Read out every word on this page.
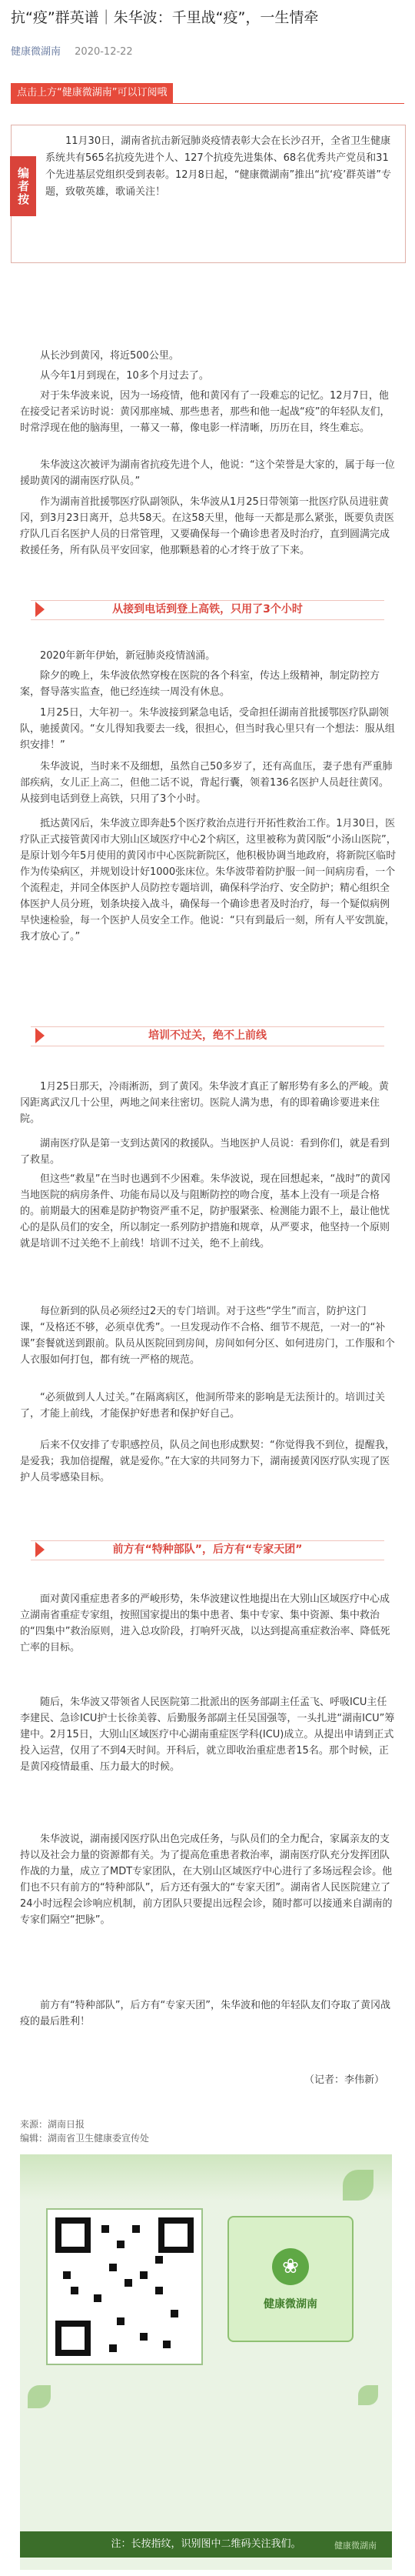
抗“疫”群英谱｜朱华波：千里战“疫”，一生情牵
健康微湖南 2020-12-22
点击上方“健康微湖南”可以订阅哦
编者按
11月30日，湖南省抗击新冠肺炎疫情表彰大会在长沙召开，全省卫生健康系统共有565名抗疫先进个人、127个抗疫先进集体、68名优秀共产党员和31个先进基层党组织受到表彰。12月8日起，“健康微湖南”推出“抗‘疫’群英谱”专题，致敬英雄，歌诵关注！

从长沙到黄冈，将近500公里。

从今年1月到现在，10多个月过去了。

对于朱华波来说，因为一场疫情，他和黄冈有了一段难忘的记忆。12月7日，他在接受记者采访时说：黄冈那座城、那些患者，那些和他一起战“疫”的年轻队友们，时常浮现在他的脑海里，一幕又一幕，像电影一样清晰，历历在目，终生难忘。

朱华波这次被评为湖南省抗疫先进个人，他说：“这个荣誉是大家的，属于每一位援助黄冈的湖南医疗队员。”

作为湖南首批援鄂医疗队副领队，朱华波从1月25日带领第一批医疗队员进驻黄冈，到3月23日离开，总共58天。在这58天里，他每一天都是那么紧张，既要负责医疗队几百名医护人员的日常管理，又要确保每一个确诊患者及时治疗，直到圆满完成救援任务，所有队员平安回家，他那颗悬着的心才终于放了下来。

从接到电话到登上高铁，只用了3个小时

2020年新年伊始，新冠肺炎疫情汹涌。

除夕的晚上，朱华波依然穿梭在医院的各个科室，传达上级精神，制定防控方案，督导落实监查，他已经连续一周没有休息。

1月25日，大年初一。朱华波接到紧急电话，受命担任湖南首批援鄂医疗队副领队，驰援黄冈。“女儿得知我要去一线，很担心，但当时我心里只有一个想法：服从组织安排！”

朱华波说，当时来不及细想，虽然自己50多岁了，还有高血压，妻子患有严重肺部疾病，女儿正上高二，但他二话不说，背起行囊，领着136名医护人员赶往黄冈。从接到电话到登上高铁，只用了3个小时。

抵达黄冈后，朱华波立即奔赴5个医疗救治点进行开拓性救治工作。1月30日，医疗队正式接管黄冈市大别山区域医疗中心2个病区，这里被称为黄冈版“小汤山医院”，是原计划今年5月使用的黄冈市中心医院新院区，他积极协调当地政府，将新院区临时作为传染病区，并规划设计好1000张床位。朱华波带着防护服一间一间病房看，一个个流程走，并同全体医护人员防控专题培训，确保科学治疗、安全防护；精心组织全体医护人员分班，划条块接入战斗，确保每一个确诊患者及时治疗，每一个疑似病例早快速检验，每一个医护人员安全工作。他说：“只有到最后一刻，所有人平安凯旋，我才放心了。”

培训不过关，绝不上前线

1月25日那天，冷雨淅沥，到了黄冈。朱华波才真正了解形势有多么的严峻。黄冈距离武汉几十公里，两地之间来往密切。医院人满为患，有的即着确诊要进来住院。

湖南医疗队是第一支到达黄冈的救援队。当地医护人员说：看到你们，就是看到了救星。

但这些“救星”在当时也遇到不少困难。朱华波说，现在回想起来，“战时”的黄冈当地医院的病房条件、功能布局以及与阻断防控的吻合度，基本上没有一项是合格的。前期最大的困难是防护物资严重不足，防护服紧张、检测能力跟不上，最让他忧心的是队员们的安全，所以制定一系列防护措施和规章，从严要求，他坚持一个原则就是培训不过关绝不上前线！培训不过关，绝不上前线。

每位新到的队员必须经过2天的专门培训。对于这些“学生”而言，防护这门课，“及格还不够，必须卓优秀”。一旦发现动作不合格、细节不规范，一对一的“补课”套餐就送到跟前。队员从医院回到房间，房间如何分区、如何进房门，工作服和个人衣服如何打包，都有统一严格的规范。

“必须做到人人过关。”在隔离病区，他洞所带来的影响是无法预计的。培训过关了，才能上前线，才能保护好患者和保护好自己。

后来不仅安排了专职感控员，队员之间也形成默契：“你觉得我不到位，提醒我，是爱我；我加倍提醒，就是爱你。”在大家的共同努力下，湖南援黄冈医疗队实现了医护人员零感染目标。

前方有“特种部队”，后方有“专家天团”

面对黄冈重症患者多的严峻形势，朱华波建议性地提出在大别山区域医疗中心成立湖南省重症专家组，按照国家提出的集中患者、集中专家、集中资源、集中救治的“四集中”救治原则，进入总攻阶段，打响歼灭战，以达到提高重症救治率、降低死亡率的目标。

随后，朱华波又带领省人民医院第二批派出的医务部副主任孟飞、呼吸ICU主任李建民、急诊ICU护士长徐美蓉、后勤服务部副主任吴国强等，一头扎进“湖南ICU”筹建中。2月15日，大别山区域医疗中心湖南重症医学科(ICU)成立。从提出申请到正式投入运营，仅用了不到4天时间。开科后，就立即收治重症患者15名。那个时候，正是黄冈疫情最重、压力最大的时候。

朱华波说，湖南援冈医疗队出色完成任务，与队员们的全力配合，家属亲友的支持以及社会力量的资源都有关。为了提高危重患者救治率，湖南医疗队充分发挥团队作战的力量，成立了MDT专家团队，在大别山区域医疗中心进行了多场远程会诊。他们也不只有前方的“特种部队”，后方还有强大的“专家天团”。湖南省人民医院建立了24小时远程会诊响应机制，前方团队只要提出远程会诊，随时都可以接通来自湖南的专家们隔空“把脉”。

前方有“特种部队”，后方有“专家天团”，朱华波和他的年轻队友们夺取了黄冈战疫的最后胜利！

（记者：李伟新）
来源：湖南日报
编辑：湖南省卫生健康委宣传处
❀
健康微湖南
注：长按指纹，识别图中二维码关注我们。	健康微湖南
